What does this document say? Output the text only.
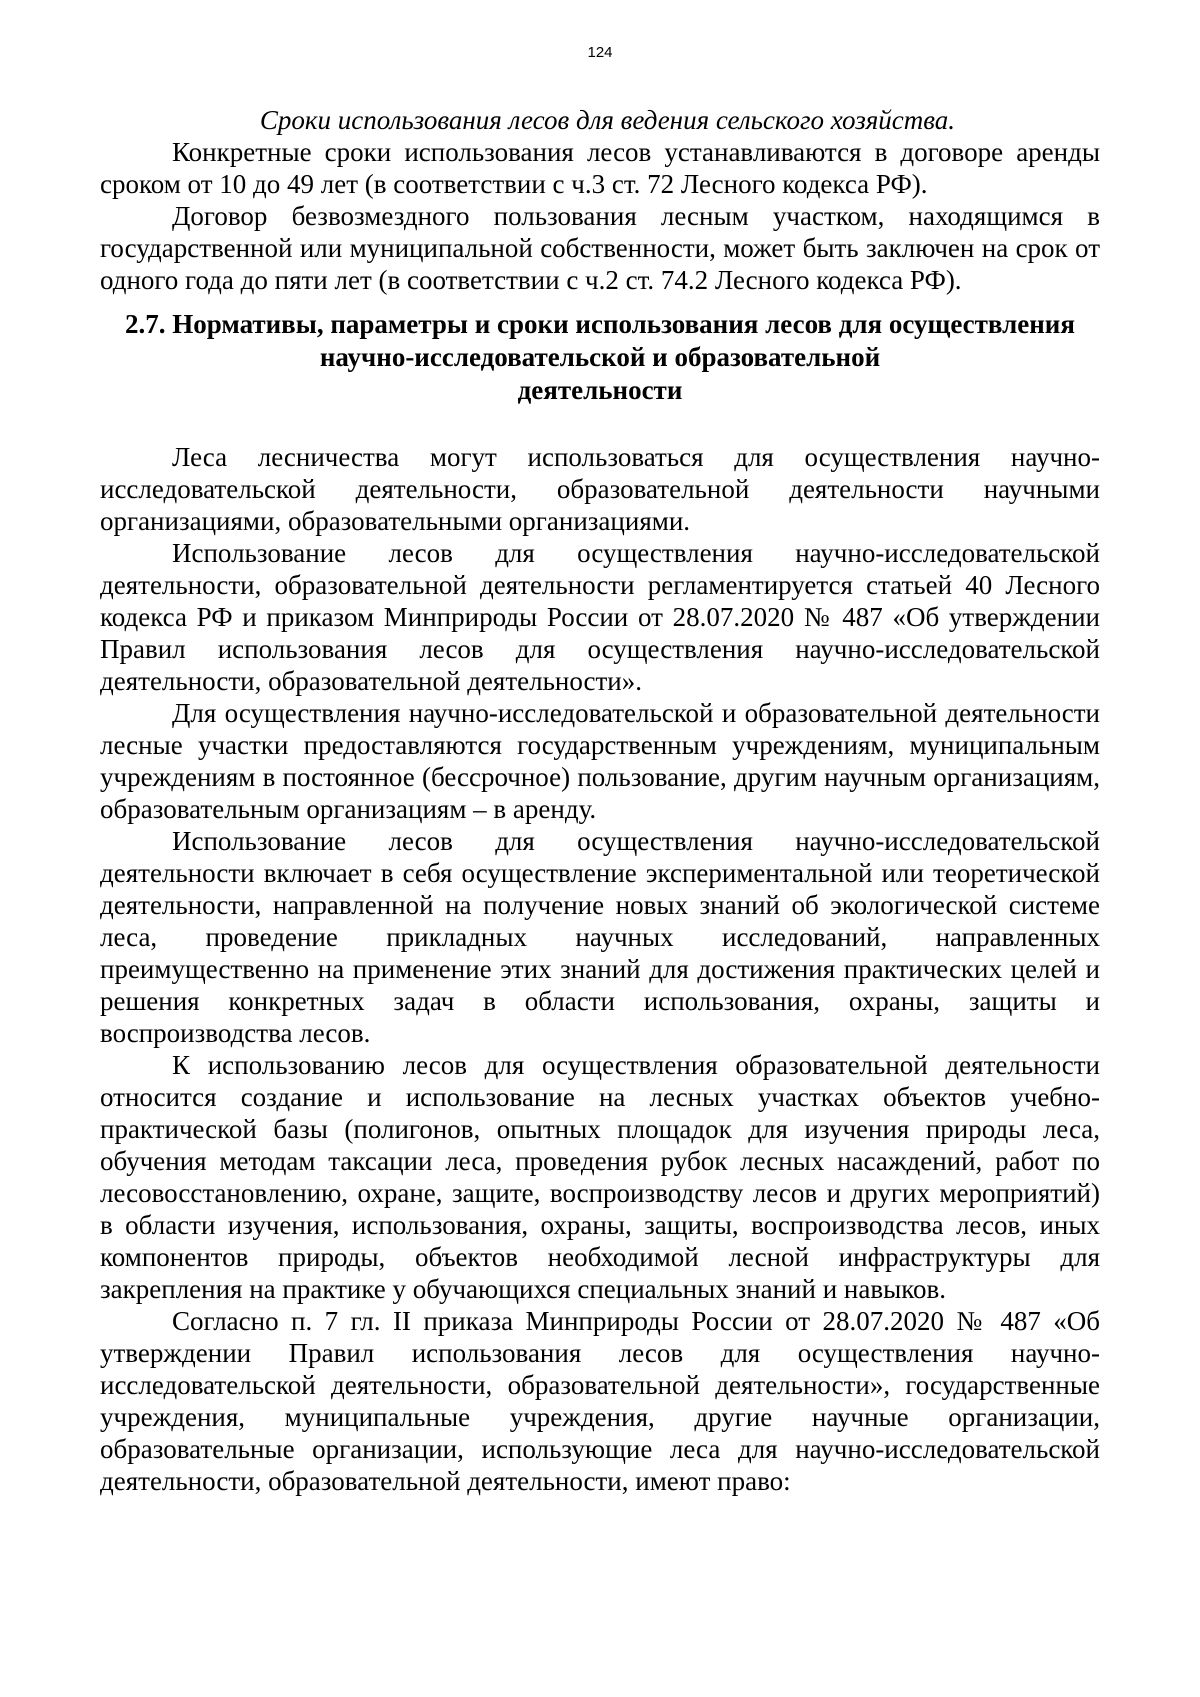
124

Сроки использования лесов для ведения сельского хозяйства.

Конкретные сроки использования лесов устанавливаются в договоре аренды сроком от 10 до 49 лет (в соответствии с ч.3 ст. 72 Лесного кодекса РФ).

Договор безвозмездного пользования лесным участком, находящимся в государственной или муниципальной собственности, может быть заключен на срок от одного года до пяти лет (в соответствии с ч.2 ст. 74.2 Лесного кодекса РФ).

2.7. Нормативы, параметры и сроки использования лесов для осуществления
научно-исследовательской и образовательной
деятельности

Леса лесничества могут использоваться для осуществления научно-исследовательской деятельности, образовательной деятельности научными организациями, образовательными организациями.

Использование лесов для осуществления научно-исследовательской деятельности, образовательной деятельности регламентируется статьей 40 Лесного кодекса РФ и приказом Минприроды России от 28.07.2020 № 487 «Об утверждении Правил использования лесов для осуществления научно-исследовательской деятельности, образовательной деятельности».

Для осуществления научно-исследовательской и образовательной деятельности лесные участки предоставляются государственным учреждениям, муниципальным учреждениям в постоянное (бессрочное) пользование, другим научным организациям, образовательным организациям – в аренду.

Использование лесов для осуществления научно-исследовательской деятельности включает в себя осуществление экспериментальной или теоретической деятельности, направленной на получение новых знаний об экологической системе леса, проведение прикладных научных исследований, направленных преимущественно на применение этих знаний для достижения практических целей и решения конкретных задач в области использования, охраны, защиты и воспроизводства лесов.

К использованию лесов для осуществления образовательной деятельности относится создание и использование на лесных участках объектов учебно-практической базы (полигонов, опытных площадок для изучения природы леса, обучения методам таксации леса, проведения рубок лесных насаждений, работ по лесовосстановлению, охране, защите, воспроизводству лесов и других мероприятий) в области изучения, использования, охраны, защиты, воспроизводства лесов, иных компонентов природы, объектов необходимой лесной инфраструктуры для закрепления на практике у обучающихся специальных знаний и навыков.

Согласно п. 7 гл. II приказа Минприроды России от 28.07.2020 № 487 «Об утверждении Правил использования лесов для осуществления научно-исследовательской деятельности, образовательной деятельности», государственные учреждения, муниципальные учреждения, другие научные организации, образовательные организации, использующие леса для научно-исследовательской деятельности, образовательной деятельности, имеют право:
